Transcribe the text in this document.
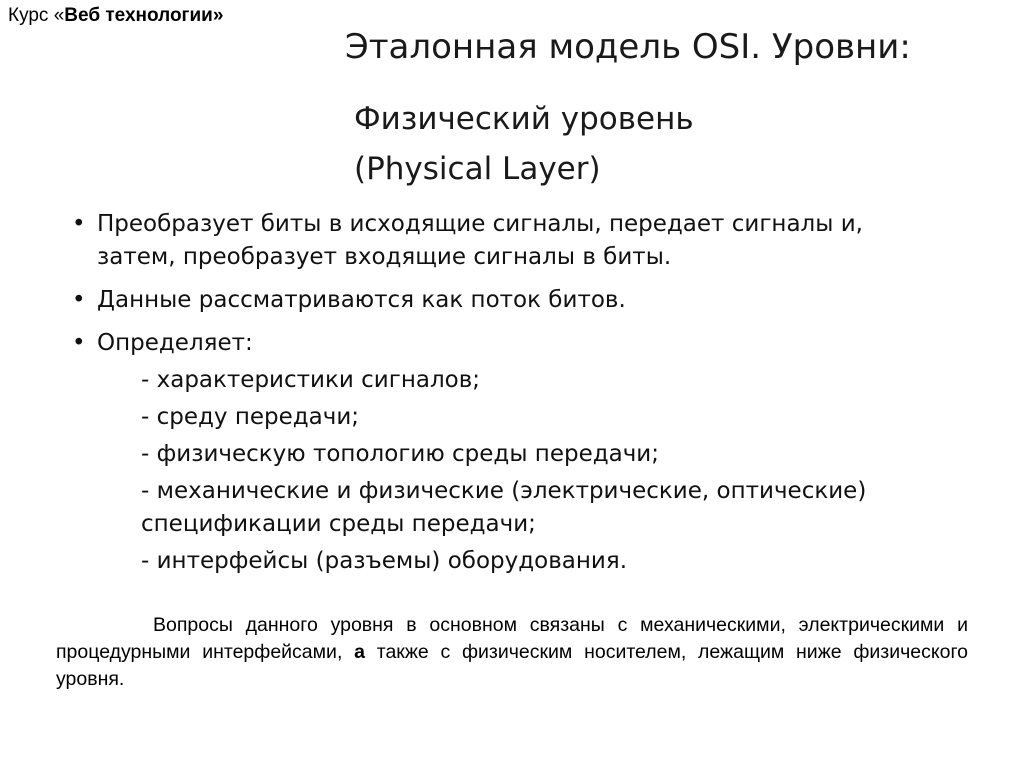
Курс «Веб технологии»
Эталонная модель OSI. Уровни:
Физический уровень
(Physical Layer)
• Преобразует биты в исходящие сигналы, передает сигналы и,
затем, преобразует входящие сигналы в биты.
• Данные рассматриваются как поток битов.
• Определяет:
- характеристики сигналов;
- среду передачи;
- физическую топологию среды передачи;
- механические и физические (электрические, оптические)
спецификации среды передачи;
- интерфейсы (разъемы) оборудования.
Вопросы данного уровня в основном связаны с механическими, электрическими и процедурными интерфейсами, а также с физическим носителем, лежащим ниже физического уровня.
